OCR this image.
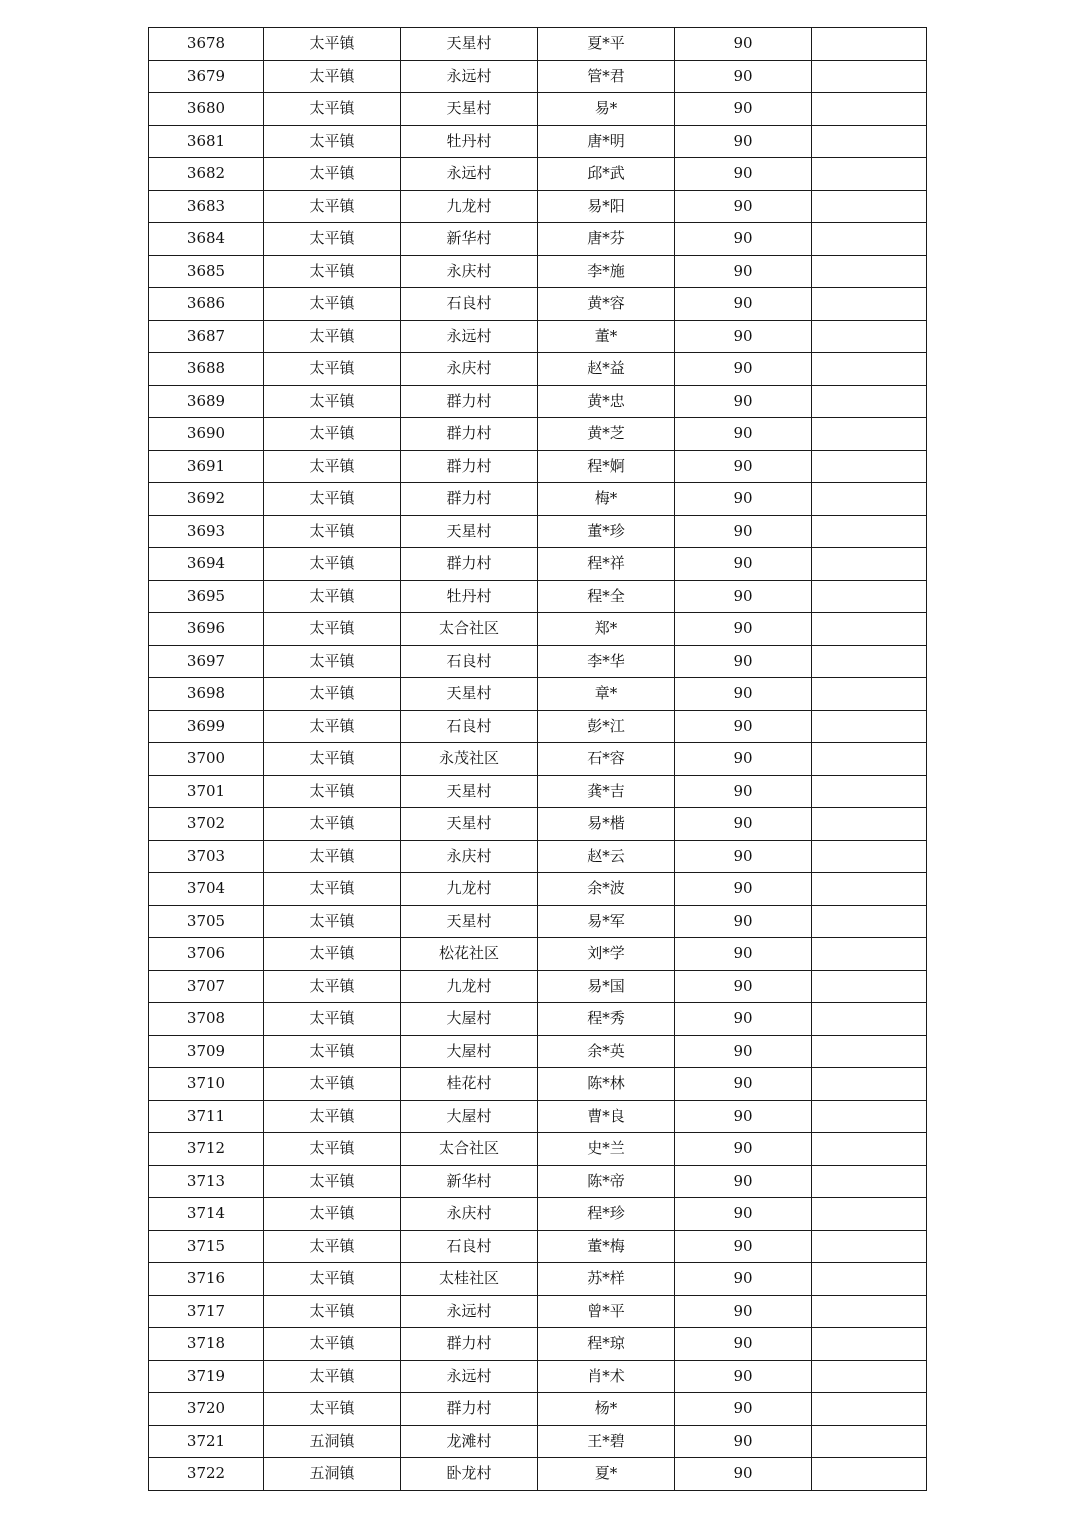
3678	太平镇	天星村	夏*平	90	
3679	太平镇	永远村	管*君	90	
3680	太平镇	天星村	易*	90	
3681	太平镇	牡丹村	唐*明	90	
3682	太平镇	永远村	邱*武	90	
3683	太平镇	九龙村	易*阳	90	
3684	太平镇	新华村	唐*芬	90	
3685	太平镇	永庆村	李*施	90	
3686	太平镇	石良村	黄*容	90	
3687	太平镇	永远村	董*	90	
3688	太平镇	永庆村	赵*益	90	
3689	太平镇	群力村	黄*忠	90	
3690	太平镇	群力村	黄*芝	90	
3691	太平镇	群力村	程*婀	90	
3692	太平镇	群力村	梅*	90	
3693	太平镇	天星村	董*珍	90	
3694	太平镇	群力村	程*祥	90	
3695	太平镇	牡丹村	程*全	90	
3696	太平镇	太合社区	郑*	90	
3697	太平镇	石良村	李*华	90	
3698	太平镇	天星村	章*	90	
3699	太平镇	石良村	彭*江	90	
3700	太平镇	永茂社区	石*容	90	
3701	太平镇	天星村	龚*吉	90	
3702	太平镇	天星村	易*楷	90	
3703	太平镇	永庆村	赵*云	90	
3704	太平镇	九龙村	余*波	90	
3705	太平镇	天星村	易*军	90	
3706	太平镇	松花社区	刘*学	90	
3707	太平镇	九龙村	易*国	90	
3708	太平镇	大屋村	程*秀	90	
3709	太平镇	大屋村	余*英	90	
3710	太平镇	桂花村	陈*林	90	
3711	太平镇	大屋村	曹*良	90	
3712	太平镇	太合社区	史*兰	90	
3713	太平镇	新华村	陈*帝	90	
3714	太平镇	永庆村	程*珍	90	
3715	太平镇	石良村	董*梅	90	
3716	太平镇	太桂社区	苏*样	90	
3717	太平镇	永远村	曾*平	90	
3718	太平镇	群力村	程*琼	90	
3719	太平镇	永远村	肖*术	90	
3720	太平镇	群力村	杨*	90	
3721	五洞镇	龙滩村	王*碧	90	
3722	五洞镇	卧龙村	夏*	90	
